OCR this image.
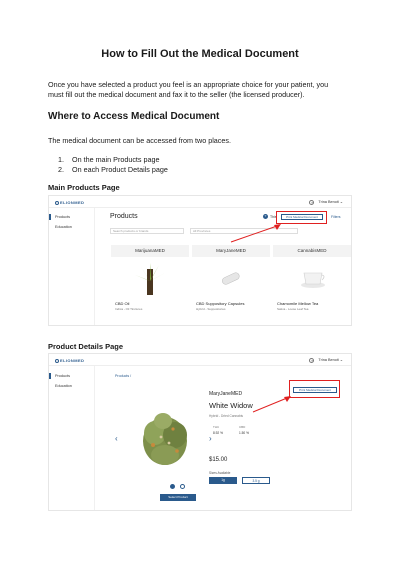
How to Fill Out the Medical Document
Once you have selected a product you feel is an appropriate choice for your patient, you
must fill out the medical document and fax it to the seller (the licensed producer).
Where to Access Medical Document
The medical document can be accessed from two places.
1. On the main Products page
2. On each Product Details page
Main Products Page
ELIONMED	? Trina Benoit ⌄
Products
Education
Products	?	This	Print Medical Document	Filters
Search products or brands	All Provinces
MarijuanaMED
CBD Oil
Indica - Oil Tinctures
MaryJaneMED
CBD Suppository Capsules
Hybrid - Suppositories
CannabisMED
Chamomile Mellow Tea
Sativa - Loose Leaf Tea
Product Details Page
ELIONMED	? Trina Benoit ⌄
Products
Education
Products /
Print Medical Document
‹	›
Select Product
MaryJaneMED
White Widow
Hybrid - Dried Cannabis
THC
8.92 %
CBD
1.50 %
$15.00
Sizes Available
1g	3.5 g
About The Product	Terpene Profile	Interactions
